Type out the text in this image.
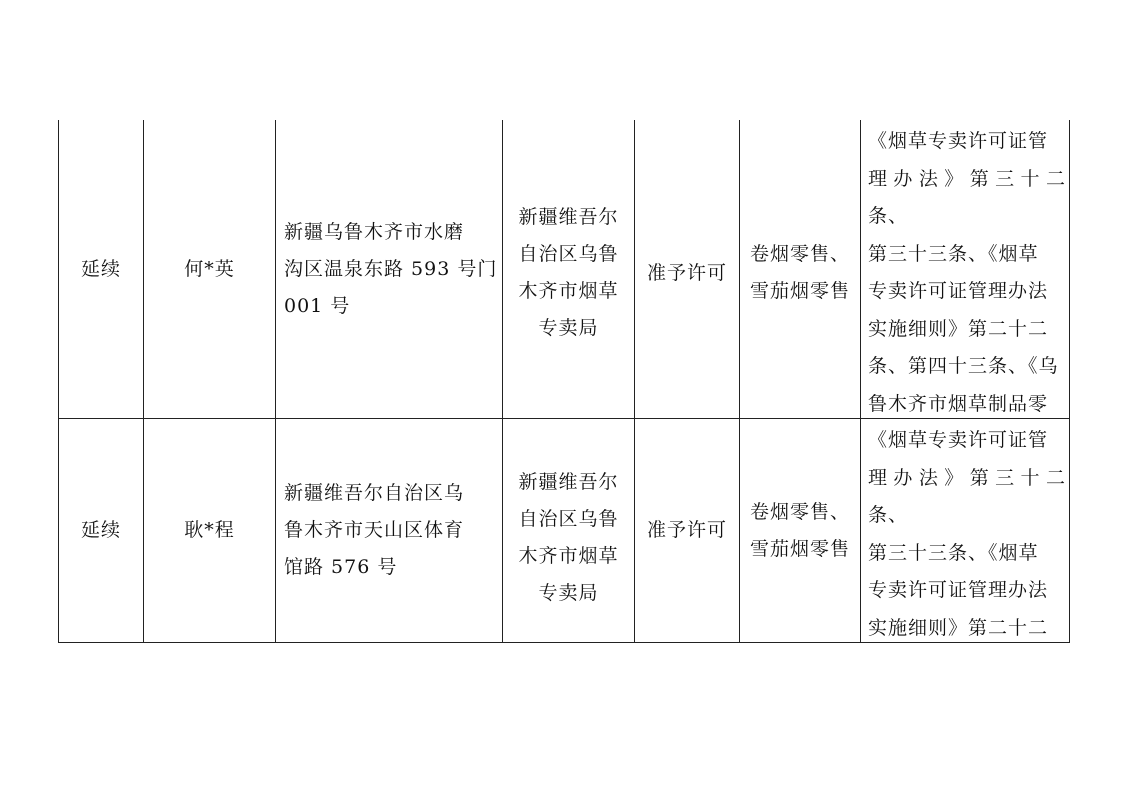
延续	何*英
新疆乌鲁木齐市水磨
沟区温泉东路 593 号门
001 号
新疆维吾尔
自治区乌鲁
木齐市烟草
专卖局
准予许可
卷烟零售、
雪茄烟零售
《烟草专卖许可证管
理办法》第三十二条、
第三十三条、《烟草
专卖许可证管理办法
实施细则》第二十二
条、第四十三条、《乌
鲁木齐市烟草制品零

延续	耿*程
新疆维吾尔自治区乌
鲁木齐市天山区体育
馆路 576 号
新疆维吾尔
自治区乌鲁
木齐市烟草
专卖局
准予许可
卷烟零售、
雪茄烟零售
《烟草专卖许可证管
理办法》第三十二条、
第三十三条、《烟草
专卖许可证管理办法
实施细则》第二十二
